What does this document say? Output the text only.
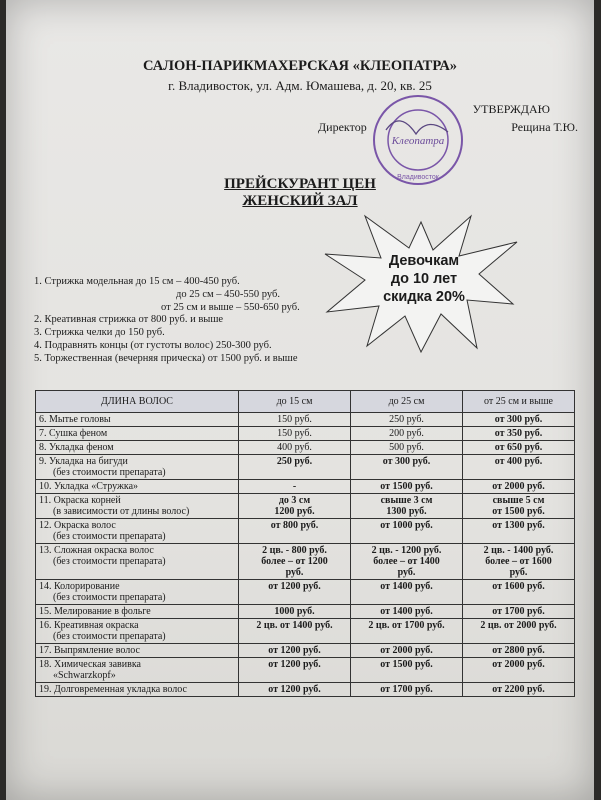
САЛОН-ПАРИКМАХЕРСКАЯ «КЛЕОПАТРА»
г. Владивосток, ул. Адм. Юмашева, д. 20, кв. 25
Клеопатра
Владивосток
УТВЕРЖДАЮ
Директор	Рещина Т.Ю.
ПРЕЙСКУРАНТ ЦЕН
ЖЕНСКИЙ ЗАЛ
Девочкам
до 10 лет
скидка 20%
1. Стрижка модельная до 15 см – 400-450 руб.
до 25 см – 450-550 руб.
от 25 см и выше – 550-650 руб.
2. Креативная стрижка от 800 руб. и выше
3. Стрижка челки до 150 руб.
4. Подравнять концы (от густоты волос) 250-300 руб.
5. Торжественная (вечерняя прическа) от 1500 руб. и выше
ДЛИНА ВОЛОС	до 15 см	до 25 см	от 25 см и выше
6. Мытье головы	150 руб.	250 руб.	от 300 руб.
7. Сушка феном	150 руб.	200 руб.	от 350 руб.
8. Укладка феном	400 руб.	500 руб.	от 650 руб.
9. Укладка на бигуди
(без стоимости препарата)	250 руб.	от 300 руб.	от 400 руб.
10. Укладка «Стружка»	-	от 1500 руб.	от 2000 руб.
11. Окраска корней
(в зависимости от длины волос)	до 3 см
1200 руб.	свыше 3 см
1300 руб.	свыше 5 см
от 1500 руб.
12. Окраска волос
(без стоимости препарата)	от 800 руб.	от 1000 руб.	от 1300 руб.
13. Сложная окраска волос
(без стоимости препарата)	2 цв. - 800 руб.
более – от 1200
руб.	2 цв. - 1200 руб.
более – от 1400
руб.	2 цв. - 1400 руб.
более – от 1600
руб.
14. Колорирование
(без стоимости препарата)	от 1200 руб.	от 1400 руб.	от 1600 руб.
15. Мелирование в фольге	1000 руб.	от 1400 руб.	от 1700 руб.
16. Креативная окраска
(без стоимости препарата)	2 цв. от 1400 руб.	2 цв. от 1700 руб.	2 цв. от 2000 руб.
17. Выпрямление волос	от 1200 руб.	от 2000 руб.	от 2800 руб.
18. Химическая завивка
«Schwarzkopf»	от 1200 руб.	от 1500 руб.	от 2000 руб.
19. Долговременная укладка волос	от 1200 руб.	от 1700 руб.	от 2200 руб.
